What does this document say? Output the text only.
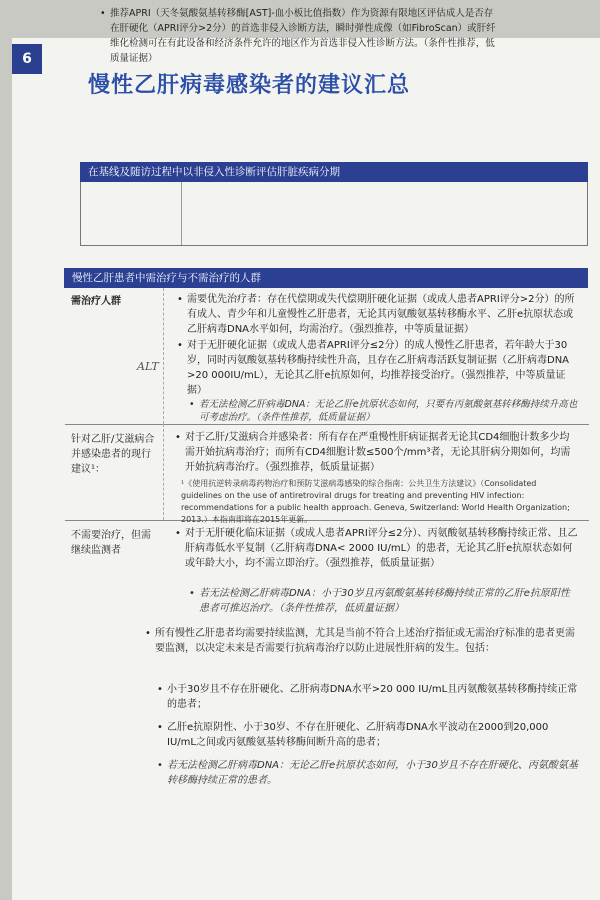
6
慢性乙肝病毒感染者的建议汇总
在基线及随访过程中以非侵入性诊断评估肝脏疾病分期
• 推荐APRI（天冬氨酸氨基转移酶[AST]-血小板比值指数）作为资源有限地区评估成人是否存在肝硬化（APRI评分>2分）的首选非侵入诊断方法，瞬时弹性成像（如FibroScan）或肝纤维化检测可在有此设备和经济条件允许的地区作为首选非侵入性诊断方法。（条件性推荐，低质量证据）
慢性乙肝患者中需治疗与不需治疗的人群
需治疗人群
•	需要优先治疗者：存在代偿期或失代偿期肝硬化证据（或成人患者APRI评分>2分）的所有成人、青少年和儿童慢性乙肝患者，无论其丙氨酸氨基转移酶水平、乙肝e抗原状态或乙肝病毒DNA水平如何，均需治疗。（强烈推荐，中等质量证据）
• 对于无肝硬化证据（或成人患者APRI评分≤2分）的成人慢性乙肝患者，若年龄大于30岁，同时丙氨酸氨基转移酶持续性升高，且存在乙肝病毒活跃复制证据（乙肝病毒DNA >20 000IU/mL），无论其乙肝e抗原如何，均推荐接受治疗。（强烈推荐，中等质量证据）
• 若无法检测乙肝病毒DNA：无论乙肝e抗原状态如何，只要有丙氨酸氨基转移酶持续升高也可考虑治疗。（条件性推荐，低质量证据）
ALT
针对乙肝/艾滋病合并感染患者的现行建议¹：
• 对于乙肝/艾滋病合并感染者：所有存在严重慢性肝病证据者无论其CD4细胞计数多少均需开始抗病毒治疗；而所有CD4细胞计数≤500个/mm³者，无论其肝病分期如何，均需开始抗病毒治疗。（强烈推荐，低质量证据）
¹《使用抗逆转录病毒药物治疗和预防艾滋病毒感染的综合指南：公共卫生方法建议》（Consolidated guidelines on the use of antiretroviral drugs for treating and preventing HIV infection: recommendations for a public health approach. Geneva, Switzerland: World Health Organization; 2013.）本指南即将在2015年更新。
不需要治疗，但需继续监测者
• 对于无肝硬化临床证据（或成人患者APRI评分≤2分）、丙氨酸氨基转移酶持续正常、且乙肝病毒低水平复制（乙肝病毒DNA< 2000 IU/mL）的患者，无论其乙肝e抗原状态如何或年龄大小，均不需立即治疗。（强烈推荐，低质量证据）
• 若无法检测乙肝病毒DNA：小于30岁且丙氨酸氨基转移酶持续正常的乙肝e抗原阳性患者可推迟治疗。（条件性推荐，低质量证据）
• 所有慢性乙肝患者均需要持续监测，尤其是当前不符合上述治疗指征或无需治疗标准的患者更需要监测，以决定未来是否需要行抗病毒治疗以防止进展性肝病的发生。包括：
• 小于30岁且不存在肝硬化、乙肝病毒DNA水平>20 000 IU/mL且丙氨酸氨基转移酶持续正常的患者；
• 乙肝e抗原阴性、小于30岁、不存在肝硬化、乙肝病毒DNA水平波动在2000到20,000 IU/mL之间或丙氨酸氨基转移酶间断升高的患者；
• 若无法检测乙肝病毒DNA：无论乙肝e抗原状态如何，小于30岁且不存在肝硬化、丙氨酸氨基转移酶持续正常的患者。
